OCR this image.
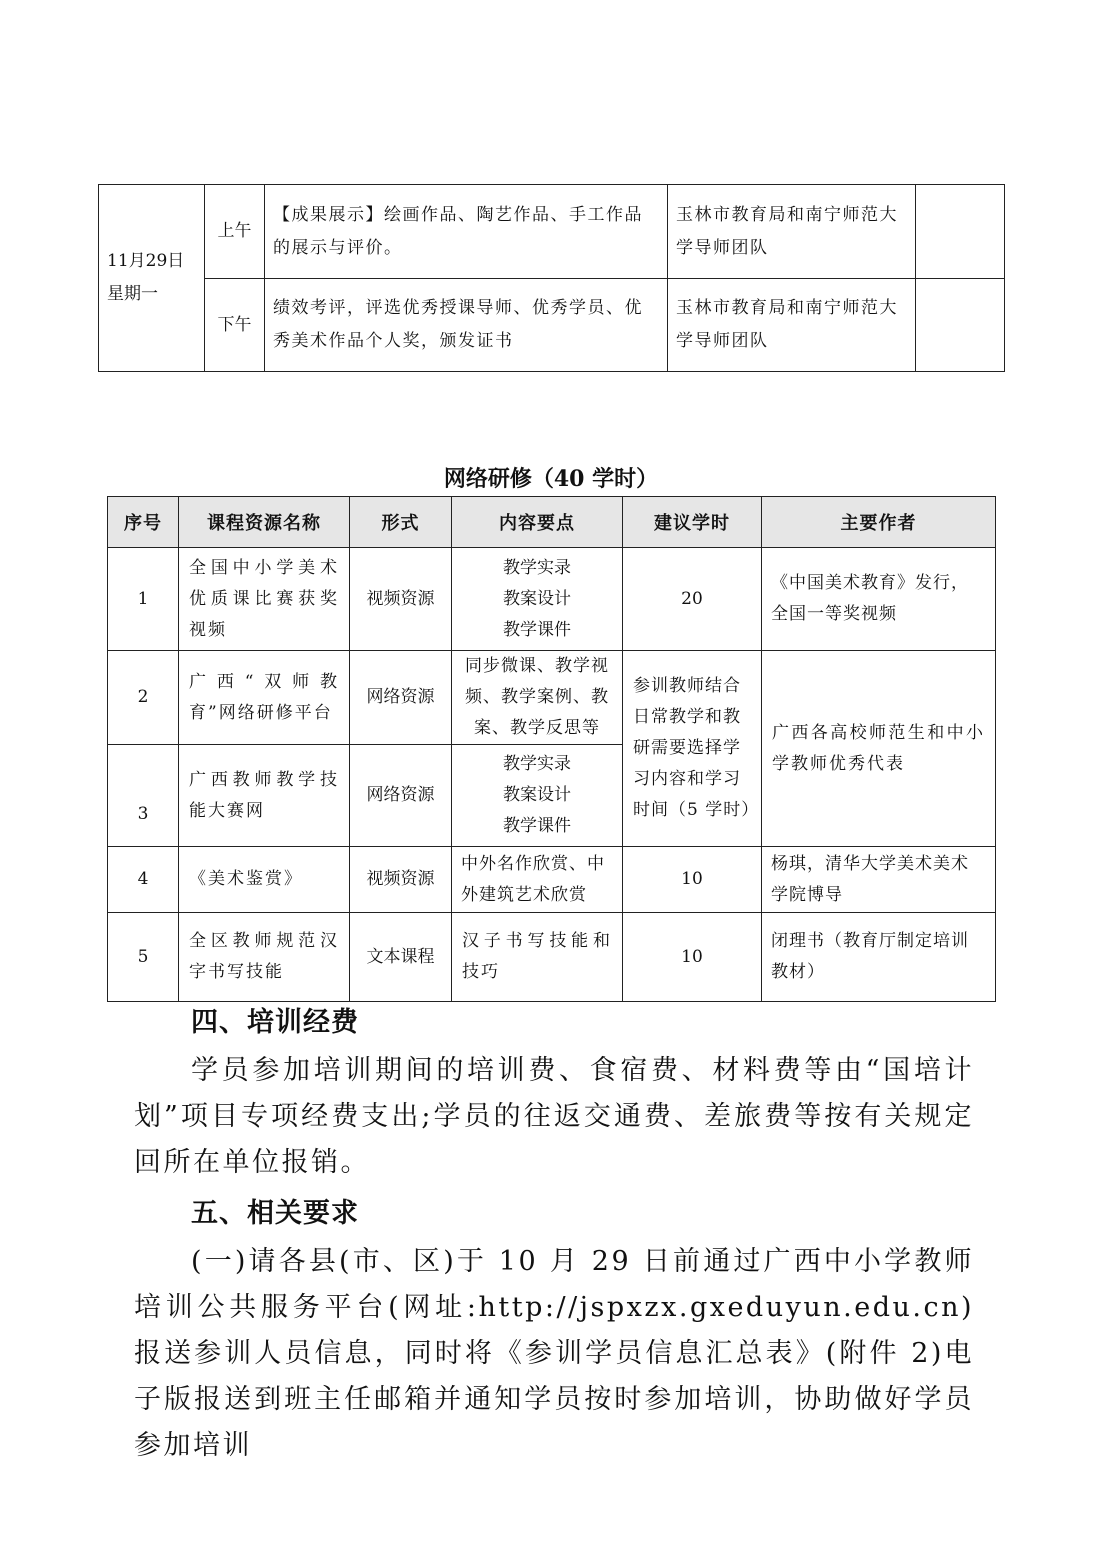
11月29日
星期一	上午	【成果展示】绘画作品、陶艺作品、手工作品的展示与评价。	玉林市教育局和南宁师范大学导师团队	
	下午	绩效考评，评选优秀授课导师、优秀学员、优秀美术作品个人奖，颁发证书	玉林市教育局和南宁师范大学导师团队	
网络研修（40 学时）
序号	课程资源名称	形式	内容要点	建议学时	主要作者
1	全国中小学美术优质课比赛获奖视频	视频资源	教学实录
教案设计
教学课件	20	《中国美术教育》发行，全国一等奖视频
2	广西“双师教育”网络研修平台	网络资源	同步微课、教学视频、教学案例、教案、教学反思等	参训教师结合日常教学和教研需要选择学习内容和学习时间（5 学时）	广西各高校师范生和中小学教师优秀代表
3	广西教师教学技能大赛网	网络资源	教学实录
教案设计
教学课件		

4	《美术鉴赏》	视频资源	中外名作欣赏、中外建筑艺术欣赏	10	杨琪，清华大学美术美术学院博导
5	全区教师规范汉字书写技能	文本课程	汉子书写技能和技巧	10	闭理书（教育厅制定培训教材）
四、培训经费

学员参加培训期间的培训费、食宿费、材料费等由“国培计划”项目专项经费支出;学员的往返交通费、差旅费等按有关规定回所在单位报销。

五、相关要求

(一)请各县(市、区)于 10 月 29 日前通过广西中小学教师培训公共服务平台(网址:http://jspxzx.gxeduyun.edu.cn)报送参训人员信息，同时将《参训学员信息汇总表》(附件 2)电子版报送到班主任邮箱并通知学员按时参加培训，协助做好学员参加培训
